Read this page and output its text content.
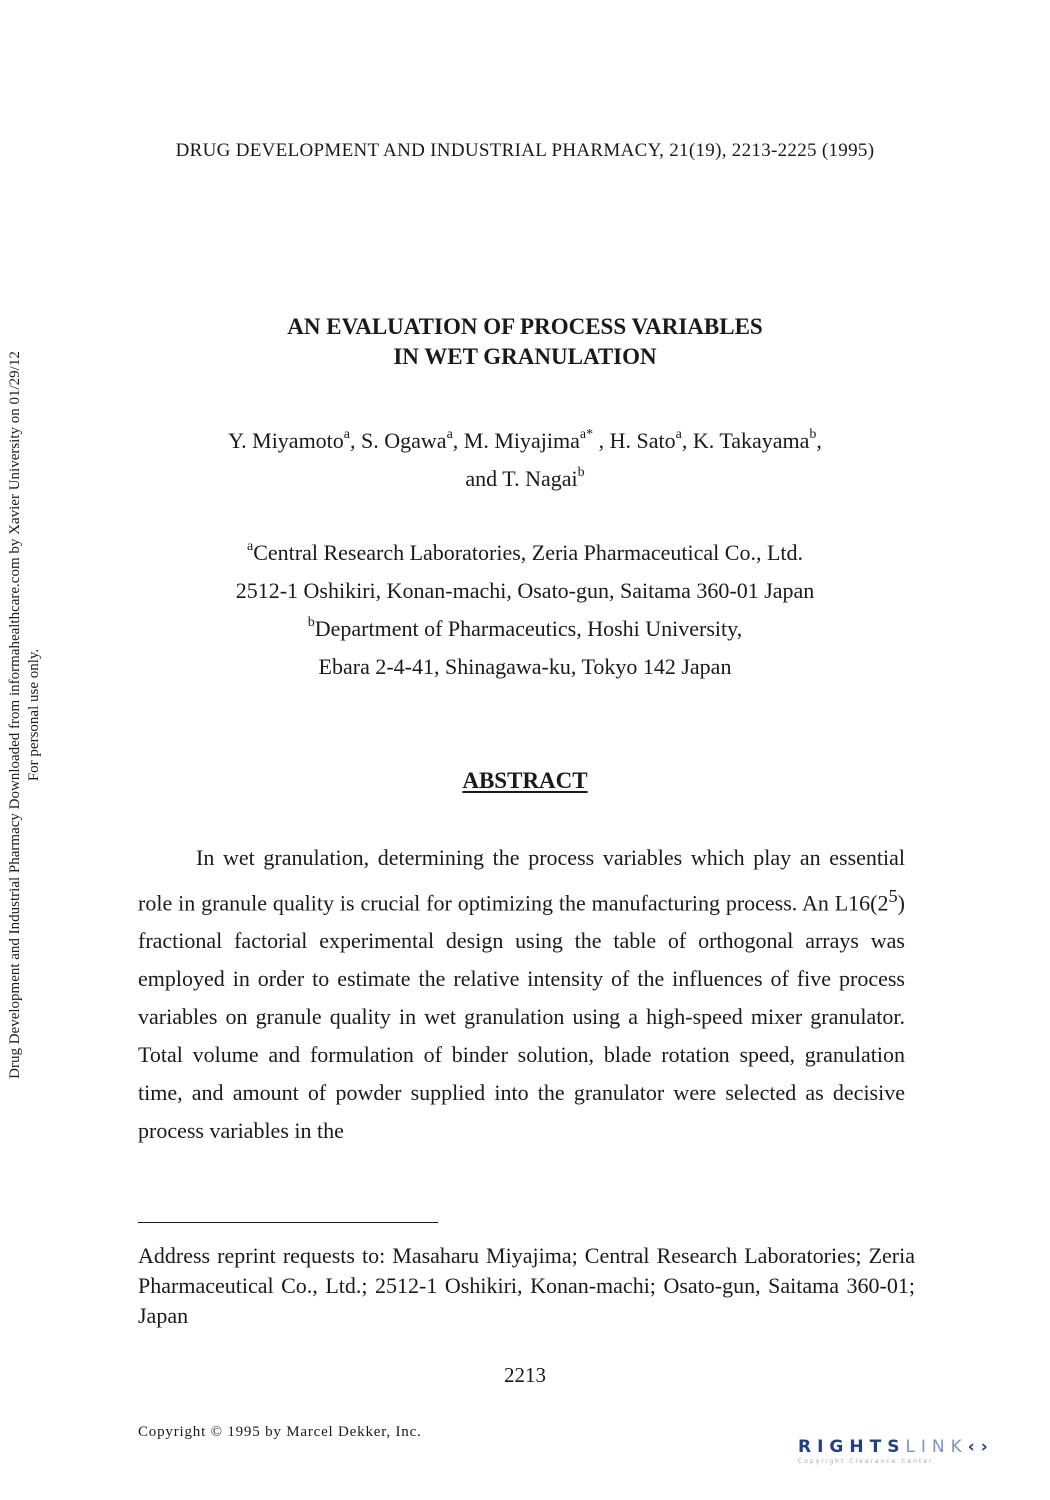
DRUG DEVELOPMENT AND INDUSTRIAL PHARMACY, 21(19), 2213-2225 (1995)
Drug Development and Industrial Pharmacy Downloaded from informahealthcare.com by Xavier University on 01/29/12 For personal use only.
AN EVALUATION OF PROCESS VARIABLES
IN WET GRANULATION
Y. Miyamoto$^a$, S. Ogawa$^a$, M. Miyajima$^{a*}$ , H. Sato$^a$, K. Takayama$^b$,
and T. Nagai$^b$
$^a$Central Research Laboratories, Zeria Pharmaceutical Co., Ltd.
2512-1 Oshikiri, Konan-machi, Osato-gun, Saitama 360-01 Japan
$^b$Department of Pharmaceutics, Hoshi University,
Ebara 2-4-41, Shinagawa-ku, Tokyo 142 Japan
ABSTRACT

In wet granulation, determining the process variables which play an essential role in granule quality is crucial for optimizing the manufacturing process. An $L16(2^5)$ fractional factorial experimental design using the table of orthogonal arrays was employed in order to estimate the relative intensity of the influences of five process variables on granule quality in wet granulation using a high-speed mixer granulator. Total volume and formulation of binder solution, blade rotation speed, granulation time, and amount of powder supplied into the granulator were selected as decisive process variables in the

Address reprint requests to: Masaharu Miyajima; Central Research Laboratories; Zeria Pharmaceutical Co., Ltd.; 2512-1 Oshikiri, Konan-machi; Osato-gun, Saitama 360-01; Japan
2213
Copyright © 1995 by Marcel Dekker, Inc.
RIGHTSLINK‹›
Copyright Clearance Center
